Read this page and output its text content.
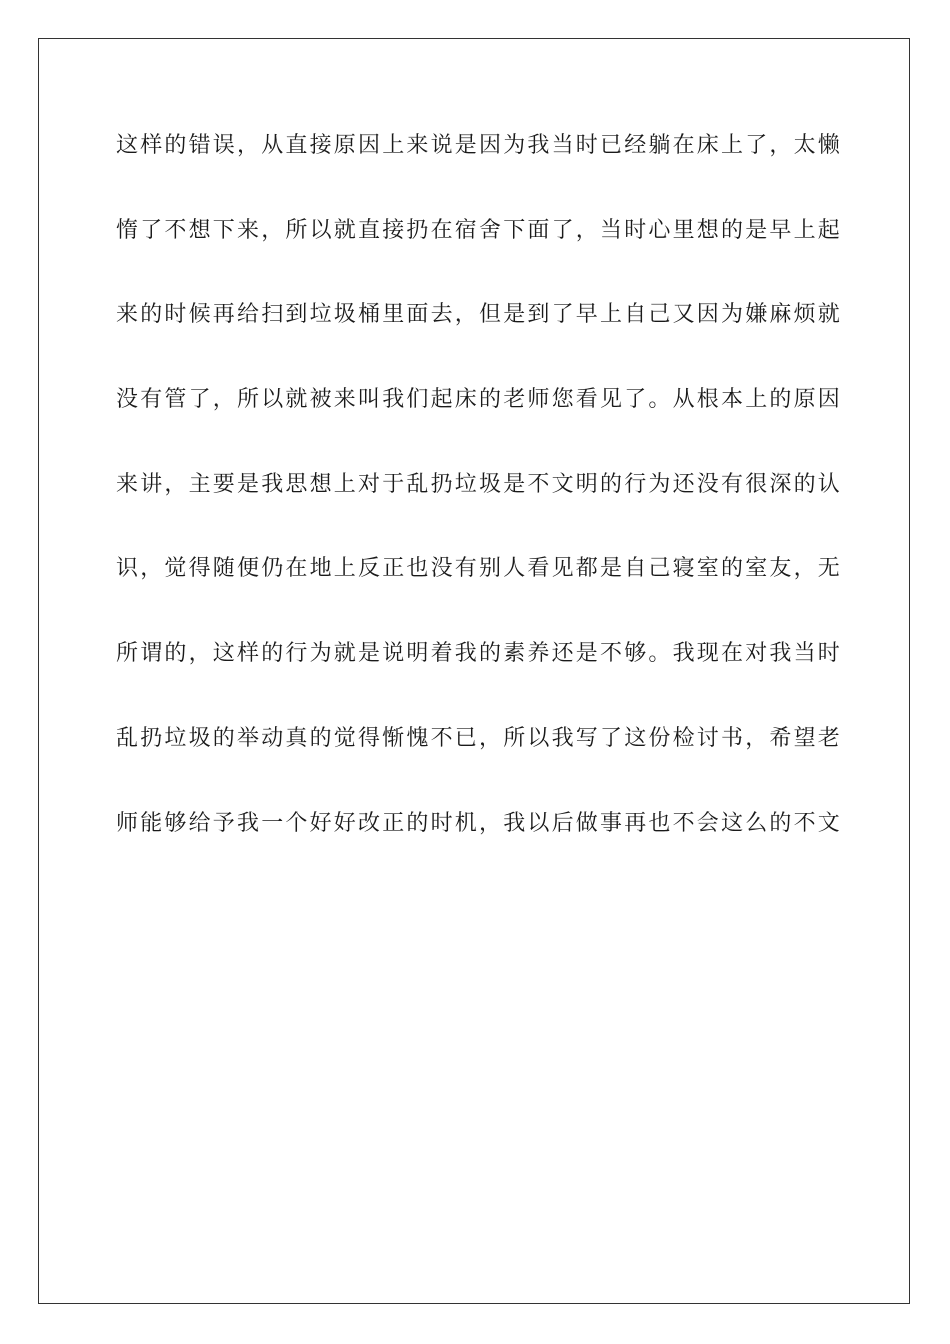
这样的错误，从直接原因上来说是因为我当时已经躺在床上了，太懒
惰了不想下来，所以就直接扔在宿舍下面了，当时心里想的是早上起
来的时候再给扫到垃圾桶里面去，但是到了早上自己又因为嫌麻烦就
没有管了，所以就被来叫我们起床的老师您看见了。从根本上的原因
来讲，主要是我思想上对于乱扔垃圾是不文明的行为还没有很深的认
识，觉得随便仍在地上反正也没有别人看见都是自己寝室的室友，无
所谓的，这样的行为就是说明着我的素养还是不够。我现在对我当时
乱扔垃圾的举动真的觉得惭愧不已，所以我写了这份检讨书，希望老
师能够给予我一个好好改正的时机，我以后做事再也不会这么的不文
